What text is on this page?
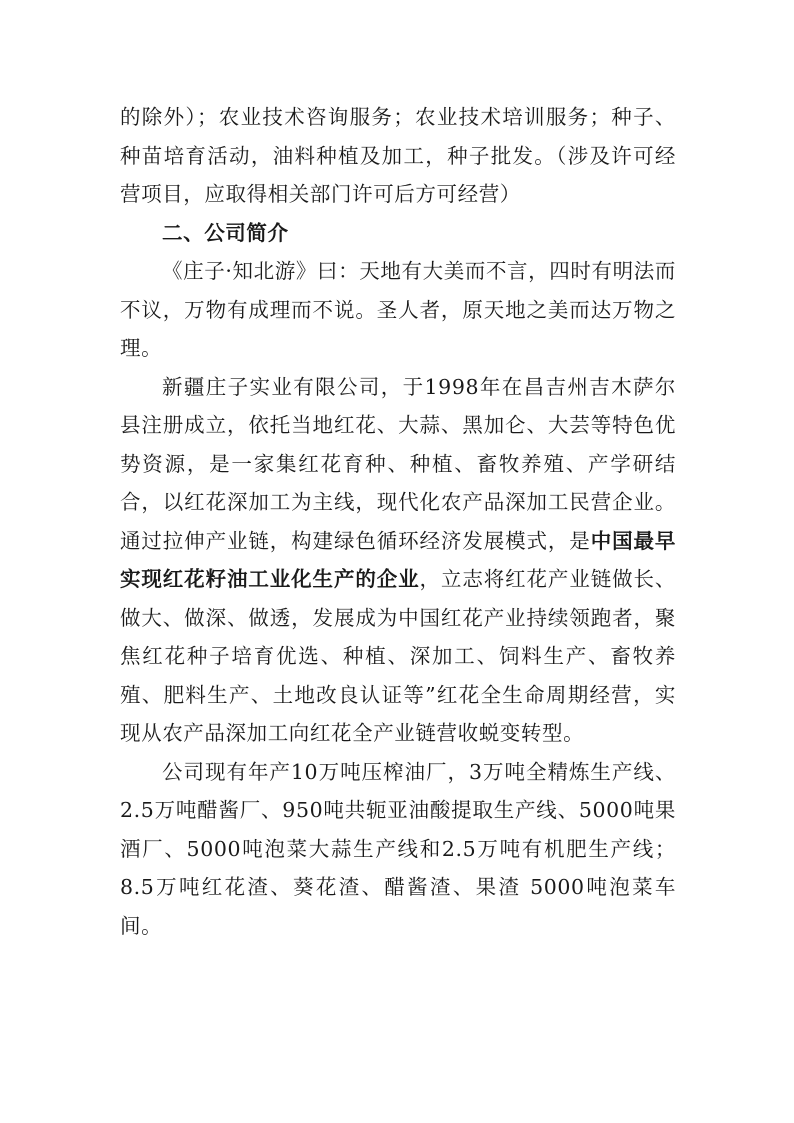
的除外）；农业技术咨询服务；农业技术培训服务；种子、种苗培育活动，油料种植及加工，种子批发。（涉及许可经营项目，应取得相关部门许可后方可经营）

二、公司简介

《庄子·知北游》曰：天地有大美而不言，四时有明法而不议，万物有成理而不说。圣人者，原天地之美而达万物之理。

新疆庄子实业有限公司，于1998年在昌吉州吉木萨尔县注册成立，依托当地红花、大蒜、黑加仑、大芸等特色优势资源，是一家集红花育种、种植、畜牧养殖、产学研结合，以红花深加工为主线，现代化农产品深加工民营企业。通过拉伸产业链，构建绿色循环经济发展模式，是中国最早实现红花籽油工业化生产的企业，立志将红花产业链做长、做大、做深、做透，发展成为中国红花产业持续领跑者，聚焦红花种子培育优选、种植、深加工、饲料生产、畜牧养殖、肥料生产、土地改良认证等”红花全生命周期经营，实现从农产品深加工向红花全产业链营收蜕变转型。

公司现有年产10万吨压榨油厂，3万吨全精炼生产线、2.5万吨醋酱厂、950吨共轭亚油酸提取生产线、5000吨果酒厂、5000吨泡菜大蒜生产线和2.5万吨有机肥生产线；8.5万吨红花渣、葵花渣、醋酱渣、果渣 5000吨泡菜车间。
